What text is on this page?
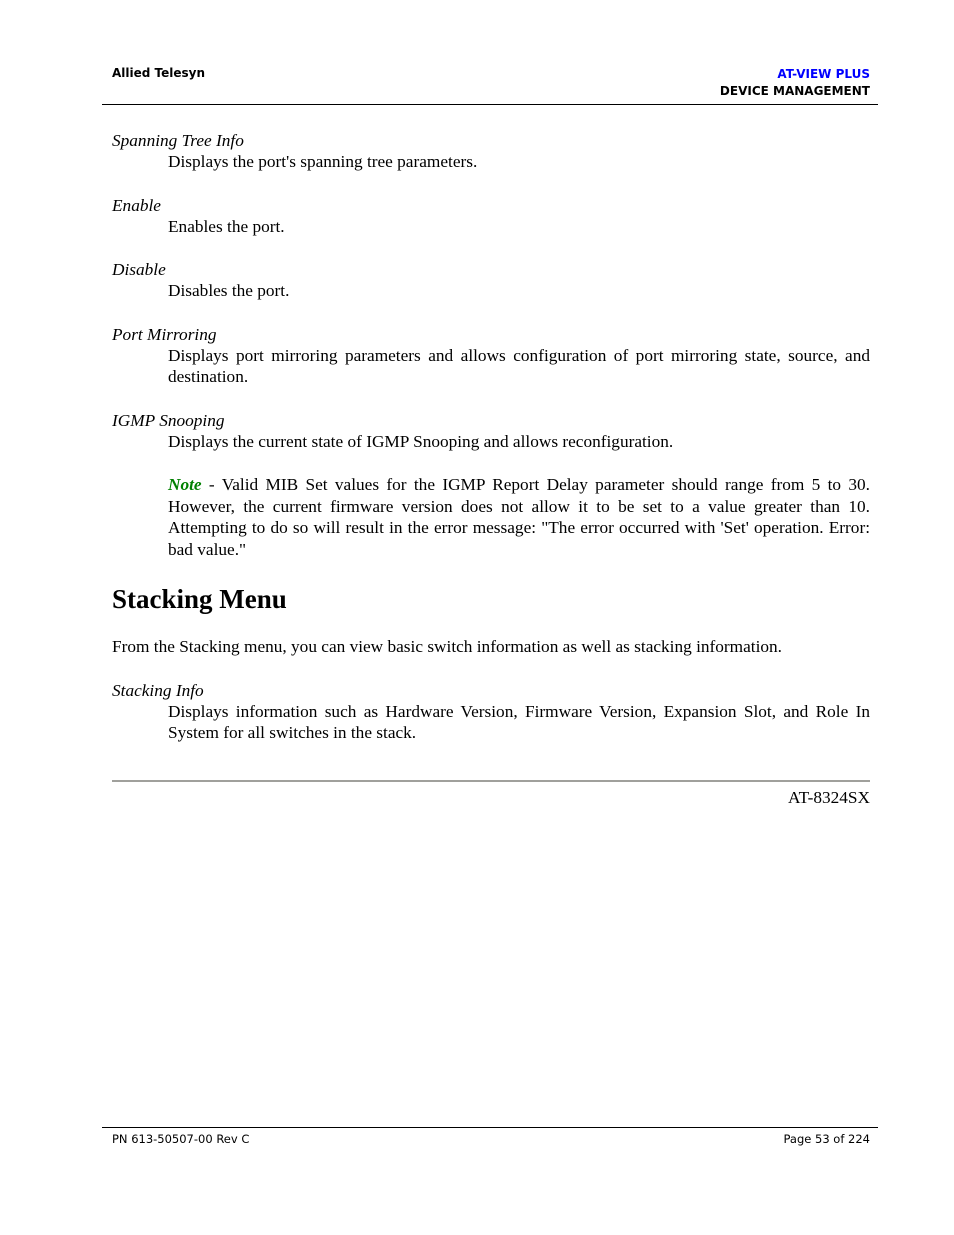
Allied Telesyn	AT-VIEW PLUS
DEVICE MANAGEMENT

Spanning Tree Info

Displays the port's spanning tree parameters.

Enable

Enables the port.

Disable

Disables the port.

Port Mirroring

Displays port mirroring parameters and allows configuration of port mirroring state, source, and destination.

IGMP Snooping

Displays the current state of IGMP Snooping and allows reconfiguration.

Note - Valid MIB Set values for the IGMP Report Delay parameter should range from 5 to 30. However, the current firmware version does not allow it to be set to a value greater than 10. Attempting to do so will result in the error message: "The error occurred with 'Set' operation. Error: bad value."

Stacking Menu

From the Stacking menu, you can view basic switch information as well as stacking information.

Stacking Info

Displays information such as Hardware Version, Firmware Version, Expansion Slot, and Role In System for all switches in the stack.

AT-8324SX
PN 613-50507-00 Rev C	Page 53 of 224
